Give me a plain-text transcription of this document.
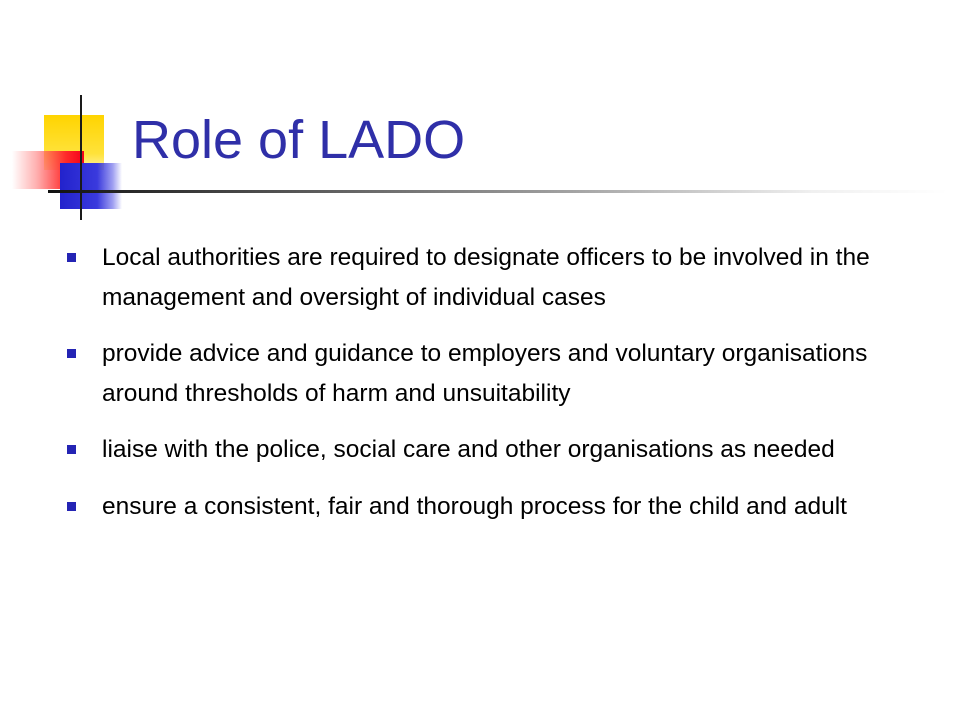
Role of LADO
Local authorities are required to designate officers to be involved in the management and oversight of individual cases
provide advice and guidance to employers and voluntary organisations around thresholds of harm and unsuitability
liaise with the police, social care and other organisations as needed
ensure a consistent, fair and thorough process for the child and adult
